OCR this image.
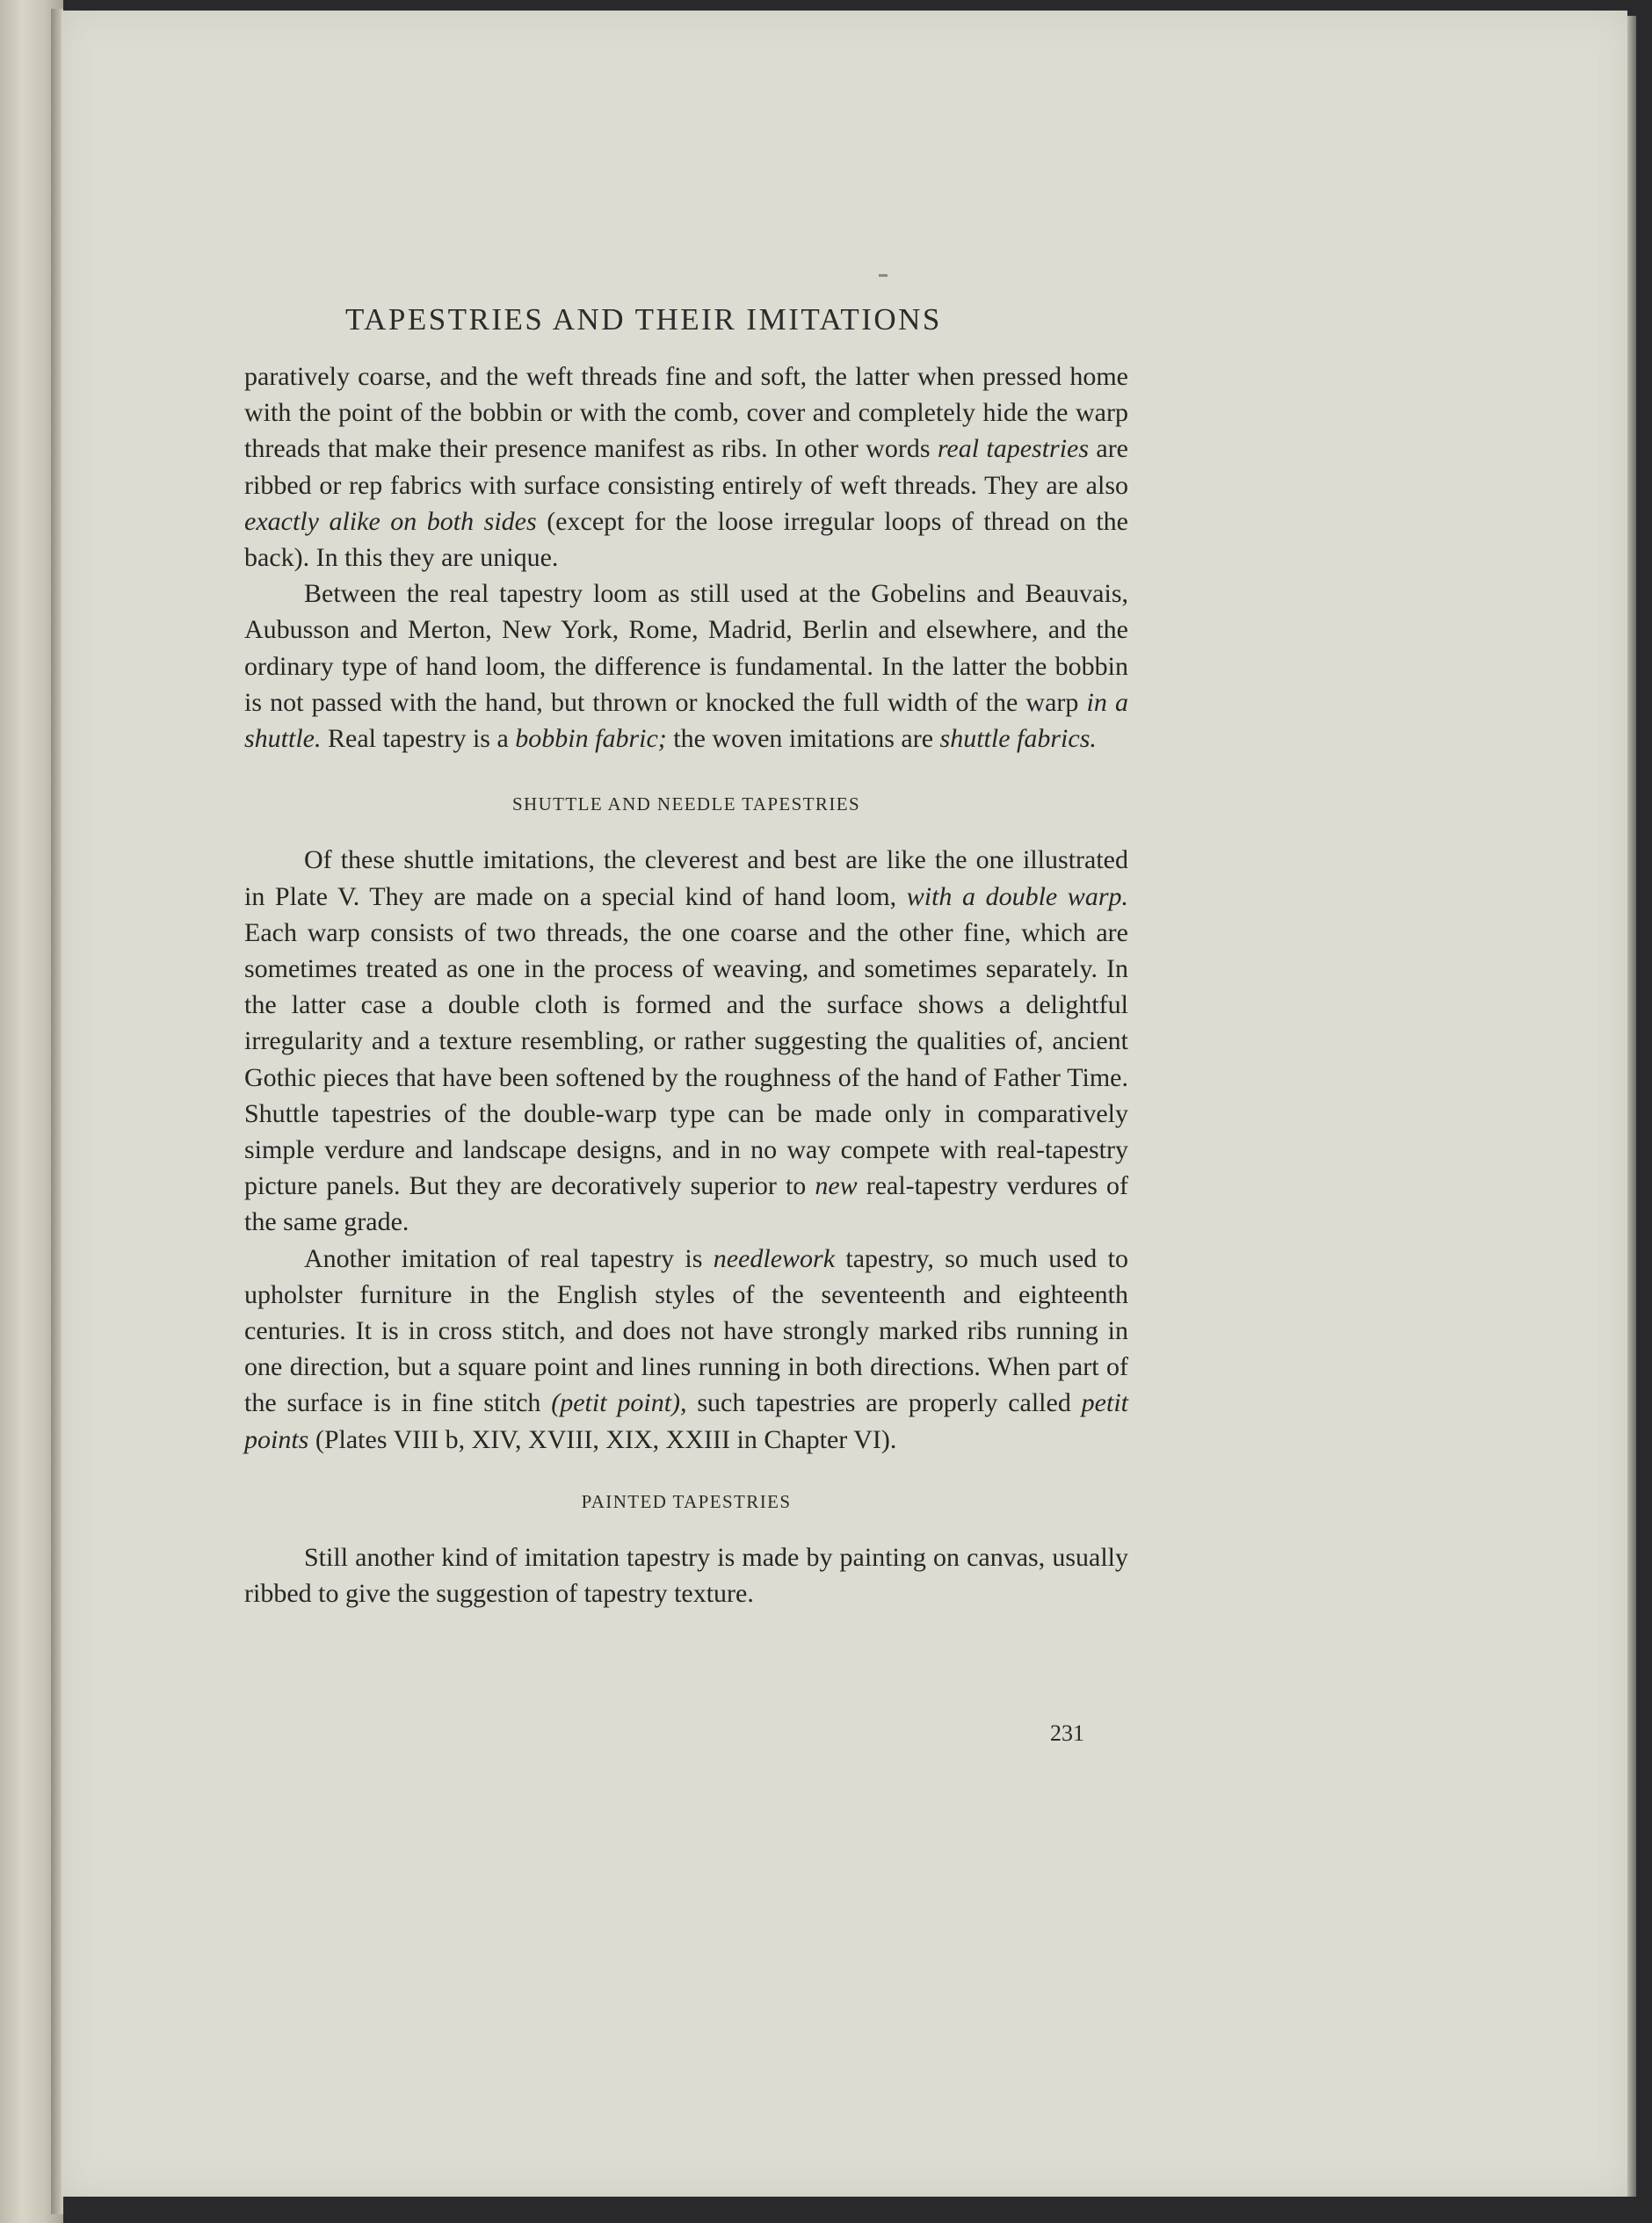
TAPESTRIES AND THEIR IMITATIONS

paratively coarse, and the weft threads fine and soft, the latter when pressed home with the point of the bobbin or with the comb, cover and completely hide the warp threads that make their presence manifest as ribs. In other words real tapestries are ribbed or rep fabrics with surface consisting entirely of weft threads. They are also exactly alike on both sides (except for the loose irregular loops of thread on the back). In this they are unique.

Between the real tapestry loom as still used at the Gobelins and Beauvais, Aubusson and Merton, New York, Rome, Madrid, Berlin and elsewhere, and the ordinary type of hand loom, the difference is fundamental. In the latter the bobbin is not passed with the hand, but thrown or knocked the full width of the warp in a shuttle. Real tapestry is a bobbin fabric; the woven imitations are shuttle fabrics.

SHUTTLE AND NEEDLE TAPESTRIES

Of these shuttle imitations, the cleverest and best are like the one illustrated in Plate V. They are made on a special kind of hand loom, with a double warp. Each warp consists of two threads, the one coarse and the other fine, which are sometimes treated as one in the process of weaving, and sometimes separately. In the latter case a double cloth is formed and the surface shows a delightful irregularity and a texture resembling, or rather suggesting the qualities of, ancient Gothic pieces that have been softened by the roughness of the hand of Father Time. Shuttle tapestries of the double-warp type can be made only in comparatively simple verdure and landscape designs, and in no way compete with real-tapestry picture panels. But they are decoratively superior to new real-tapestry verdures of the same grade.

Another imitation of real tapestry is needlework tapestry, so much used to upholster furniture in the English styles of the seventeenth and eighteenth centuries. It is in cross stitch, and does not have strongly marked ribs running in one direction, but a square point and lines running in both directions. When part of the surface is in fine stitch (petit point), such tapestries are properly called petit points (Plates VIII b, XIV, XVIII, XIX, XXIII in Chapter VI).

PAINTED TAPESTRIES

Still another kind of imitation tapestry is made by painting on canvas, usually ribbed to give the suggestion of tapestry texture.

231
